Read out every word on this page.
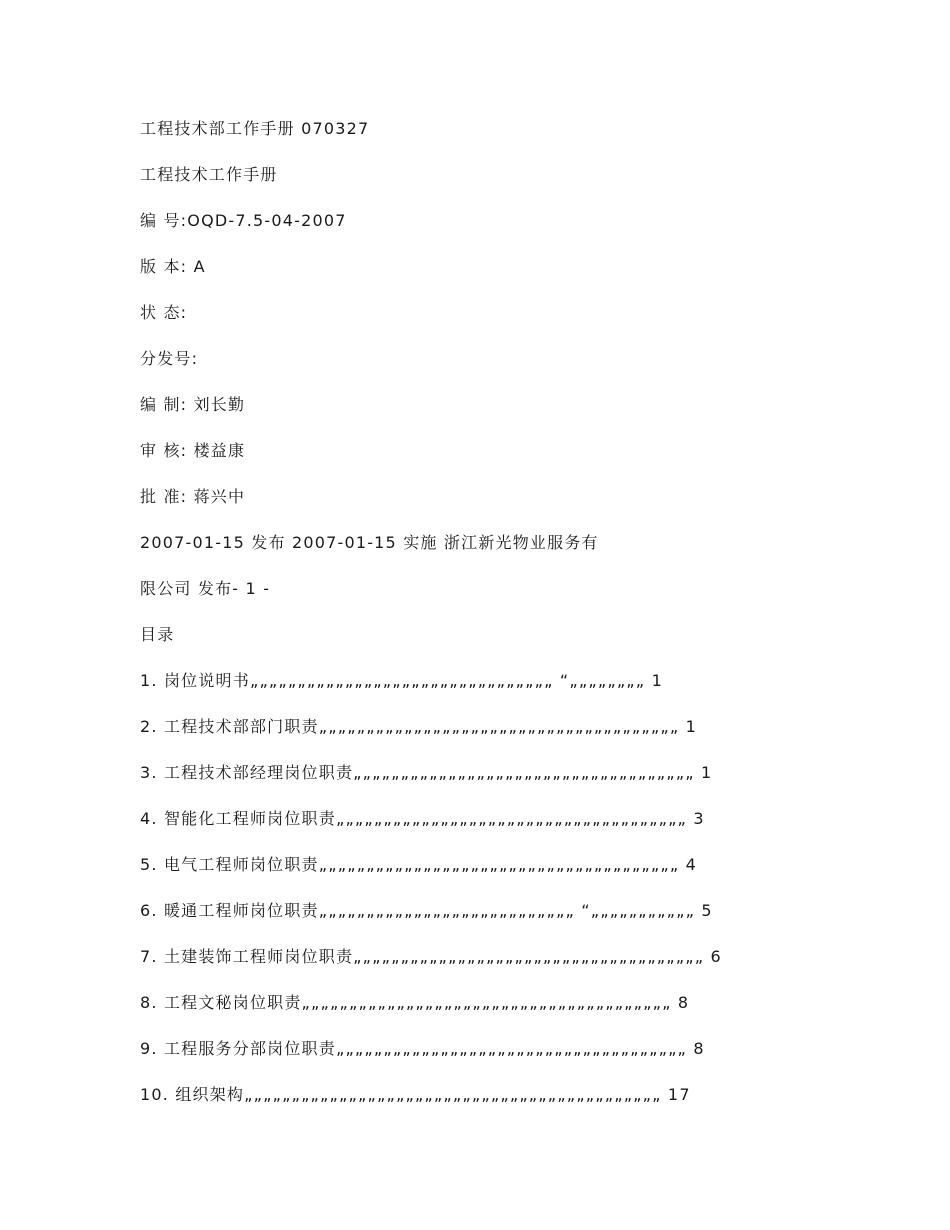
工程技术部工作手册 070327
工程技术工作手册
编 号:OQD-7.5-04-2007
版 本: A
状 态:
分发号:
编 制: 刘长勤
审 核: 楼益康
批 准: 蒋兴中
2007-01-15 发布 2007-01-15 实施 浙江新光物业服务有
限公司 发布- 1 -
目录
1. 岗位说明书„„„„„„„„„„„„„„„„„„„„„„„„„„„„„„„„ “„„„„„„„„ 1
2. 工程技术部部门职责„„„„„„„„„„„„„„„„„„„„„„„„„„„„„„„„„„„„„„ 1
3. 工程技术部经理岗位职责„„„„„„„„„„„„„„„„„„„„„„„„„„„„„„„„„„„„ 1
4. 智能化工程师岗位职责„„„„„„„„„„„„„„„„„„„„„„„„„„„„„„„„„„„„„ 3
5. 电气工程师岗位职责„„„„„„„„„„„„„„„„„„„„„„„„„„„„„„„„„„„„„„ 4
6. 暖通工程师岗位职责„„„„„„„„„„„„„„„„„„„„„„„„„„„ “„„„„„„„„„„„ 5
7. 土建装饰工程师岗位职责„„„„„„„„„„„„„„„„„„„„„„„„„„„„„„„„„„„„„ 6
8. 工程文秘岗位职责„„„„„„„„„„„„„„„„„„„„„„„„„„„„„„„„„„„„„„„ 8
9. 工程服务分部岗位职责„„„„„„„„„„„„„„„„„„„„„„„„„„„„„„„„„„„„„ 8
10. 组织架构„„„„„„„„„„„„„„„„„„„„„„„„„„„„„„„„„„„„„„„„„„„„ 17
